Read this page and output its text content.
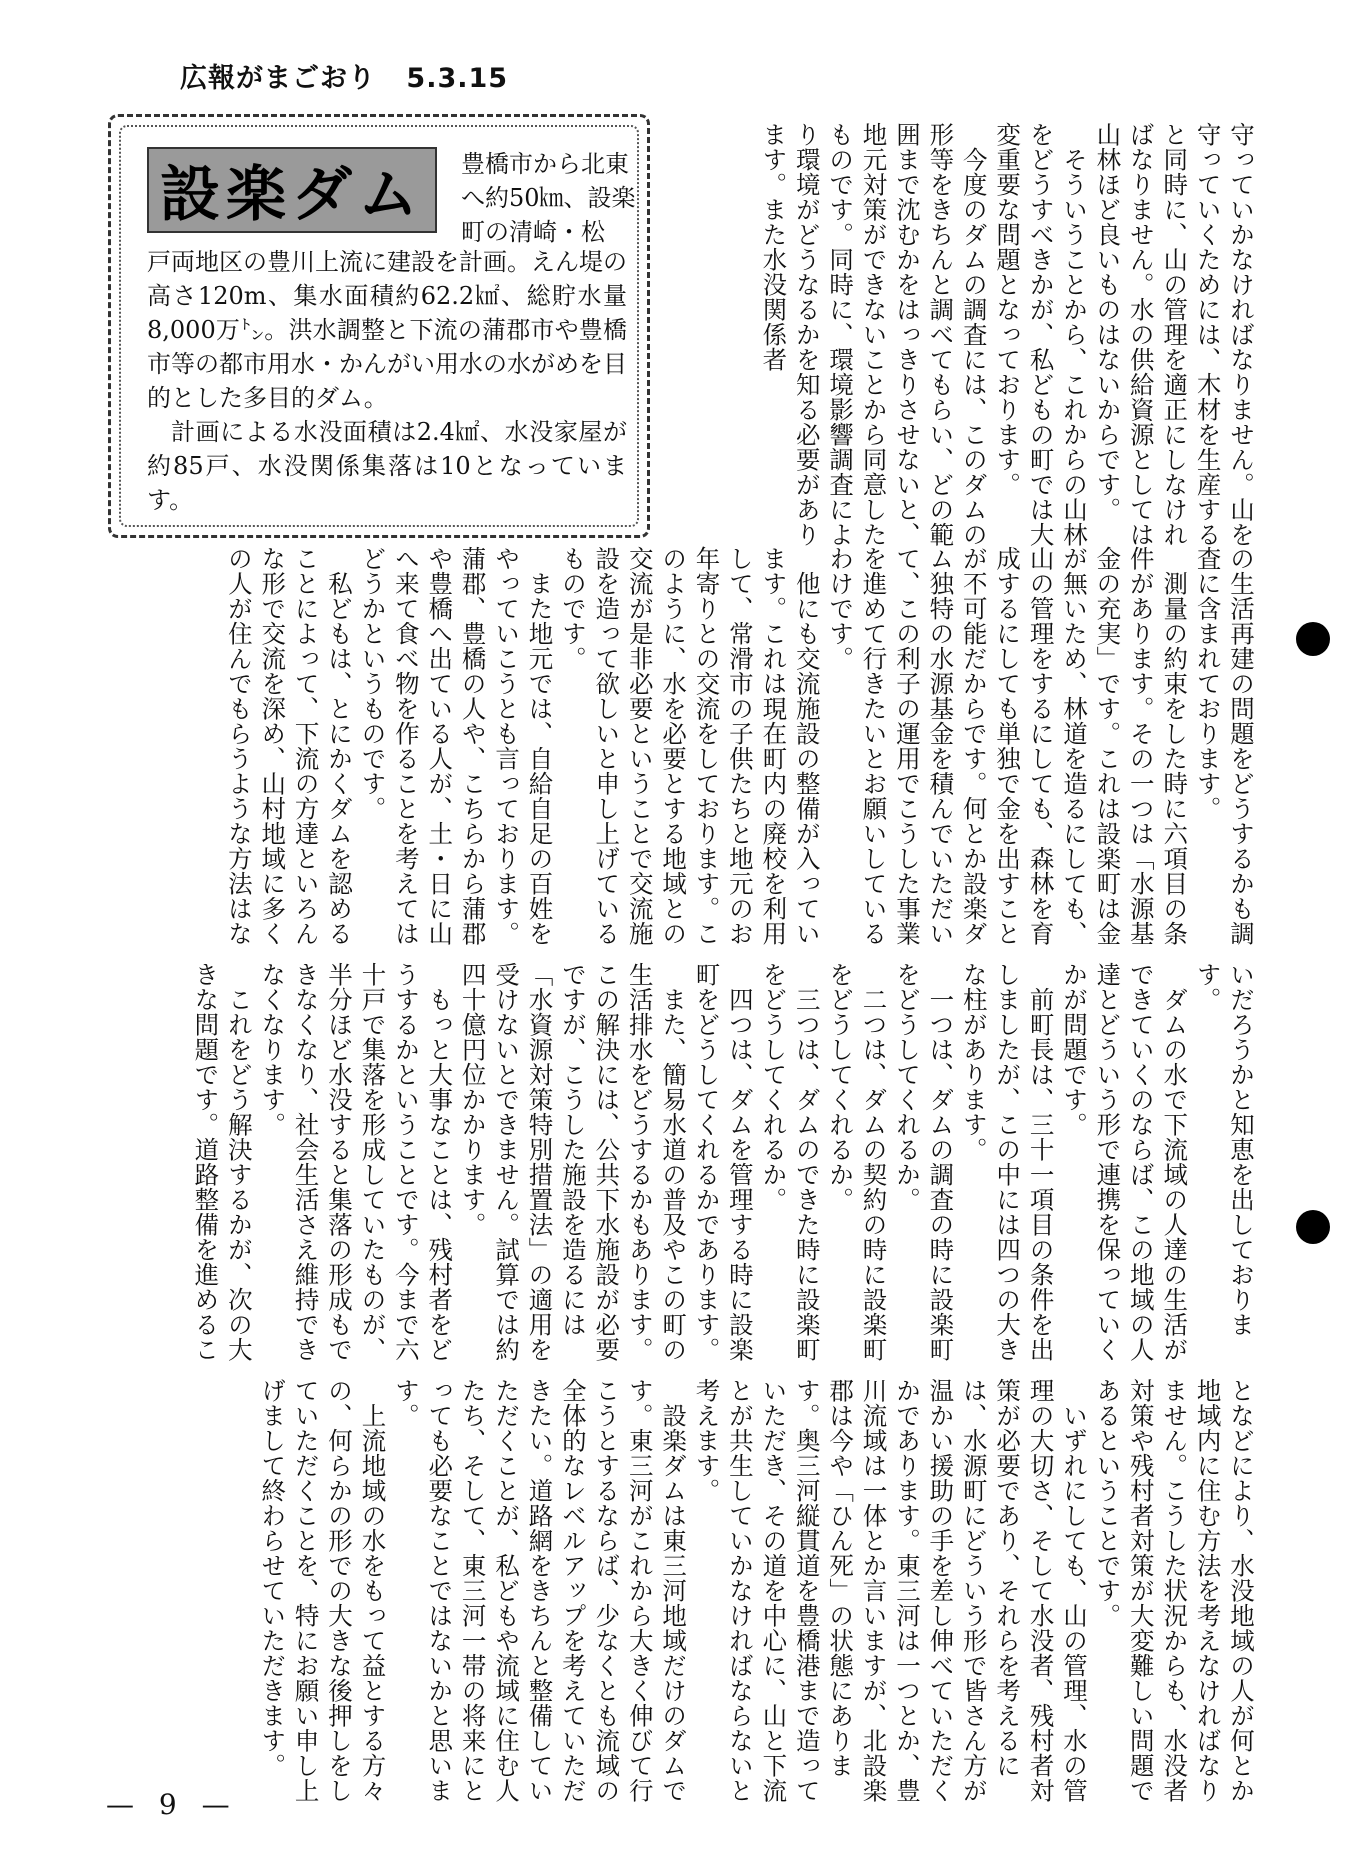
広報がまごおり 5.3.15
設楽ダム 豊橋市から北東へ約50㎞、設楽町の清崎・松

戸両地区の豊川上流に建設を計画。えん堤の高さ120m、集水面積約62.2㎢、総貯水量8,000万㌧。洪水調整と下流の蒲郡市や豊橋市等の都市用水・かんがい用水の水がめを目的とした多目的ダム。

計画による水没面積は2.4㎢、水没家屋が約85戸、水没関係集落は10となっています。	守っていかなければなりません。山を守っていくためには、木材を生産すると同時に、山の管理を適正にしなければなりません。水の供給資源としては山林ほど良いものはないからです。

そういうことから、これからの山林をどうすべきかが、私どもの町では大変重要な問題となっております。

今度のダムの調査には、このダムの形等をきちんと調べてもらい、どの範囲まで沈むかをはっきりさせないと、地元対策ができないことから同意したものです。同時に、環境影響調査により環境がどうなるかを知る必要があります。また水没関係者

の生活再建の問題をどうするかも調査に含まれております。

測量の約束をした時に六項目の条件があります。その一つは「水源基金の充実」です。これは設楽町は金が無いため、林道を造るにしても、山の管理をするにしても、森林を育成するにしても単独で金を出すことが不可能だからです。何とか設楽ダム独特の水源基金を積んでいただいて、この利子の運用でこうした事業を進めて行きたいとお願いしているわけです。

他にも交流施設の整備が入っています。これは現在町内の廃校を利用して、常滑市の子供たちと地元のお年寄りとの交流をしております。このように、水を必要とする地域との交流が是非必要ということで交流施設を造って欲しいと申し上げているものです。

また地元では、自給自足の百姓をやっていこうとも言っております。蒲郡、豊橋の人や、こちらから蒲郡や豊橋へ出ている人が、土・日に山へ来て食べ物を作ることを考えてはどうかというものです。

私どもは、とにかくダムを認めることによって、下流の方達といろんな形で交流を深め、山村地域に多くの人が住んでもらうような方法はな

いだろうかと知恵を出しております。

ダムの水で下流域の人達の生活ができていくのならば、この地域の人達とどういう形で連携を保っていくかが問題です。

前町長は、三十一項目の条件を出しましたが、この中には四つの大きな柱があります。

一つは、ダムの調査の時に設楽町をどうしてくれるか。

二つは、ダムの契約の時に設楽町をどうしてくれるか。

三つは、ダムのできた時に設楽町をどうしてくれるか。

四つは、ダムを管理する時に設楽町をどうしてくれるかであります。

また、簡易水道の普及やこの町の生活排水をどうするかもあります。この解決には、公共下水施設が必要ですが、こうした施設を造るには「水資源対策特別措置法」の適用を受けないとできません。試算では約四十億円位かかります。

もっと大事なことは、残村者をどうするかということです。今まで六十戸で集落を形成していたものが、半分ほど水没すると集落の形成もできなくなり、社会生活さえ維持できなくなります。

これをどう解決するかが、次の大きな問題です。道路整備を進めるこ

となどにより、水没地域の人が何とか地域内に住む方法を考えなければなりません。こうした状況からも、水没者対策や残村者対策が大変難しい問題であるということです。

いずれにしても、山の管理、水の管理の大切さ、そして水没者、残村者対策が必要であり、それらを考えるには、水源町にどういう形で皆さん方が温かい援助の手を差し伸べていただくかであります。東三河は一つとか、豊川流域は一体とか言いますが、北設楽郡は今や「ひん死」の状態にあります。奥三河縦貫道を豊橋港まで造っていただき、その道を中心に、山と下流とが共生していかなければならないと考えます。

設楽ダムは東三河地域だけのダムです。東三河がこれから大きく伸びて行こうとするならば、少なくとも流域の全体的なレベルアップを考えていただきたい。道路網をきちんと整備していただくことが、私どもや流域に住む人たち、そして、東三河一帯の将来にとっても必要なことではないかと思います。

上流地域の水をもって益とする方々の、何らかの形での大きな後押しをしていただくことを、特にお願い申し上げまして終わらせていただきます。

— 9 —
